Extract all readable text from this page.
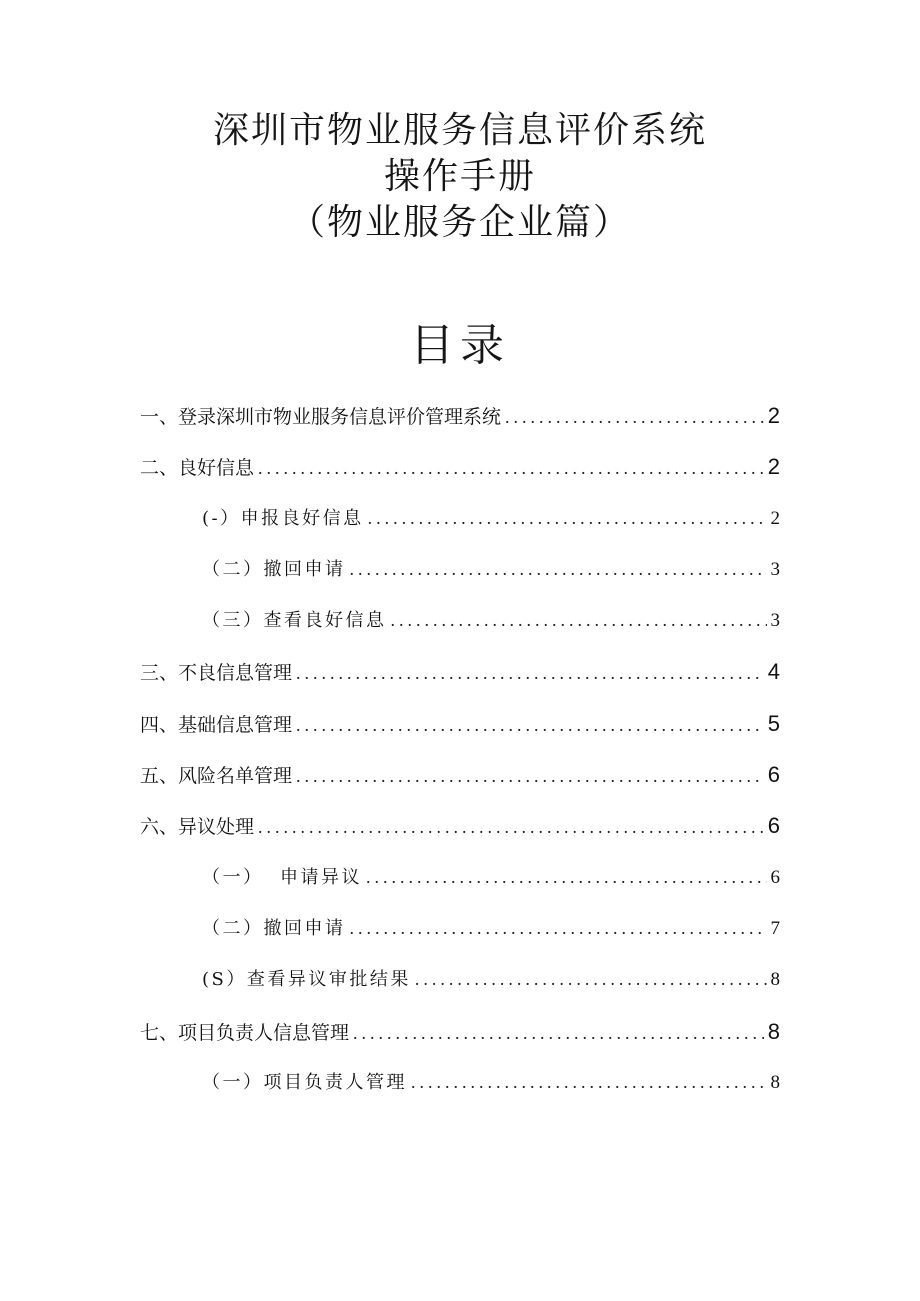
深圳市物业服务信息评价系统
操作手册
（物业服务企业篇）
目录
一、登录深圳市物业服务信息评价管理系统 .....	2
二、良好信息 .....	2
(-）申报良好信息 .....	2
（二）撤回申请 .....	3
（三）查看良好信息 .....	3
三、不良信息管理 .....	4
四、基础信息管理 .....	5
五、风险名单管理 .....	6
六、异议处理 .....	6
（一）  申请异议 .....	6
（二）撤回申请 .....	7
(S）查看异议审批结果 .....	8
七、项目负责人信息管理 .....	8
（一）项目负责人管理 .....	8
